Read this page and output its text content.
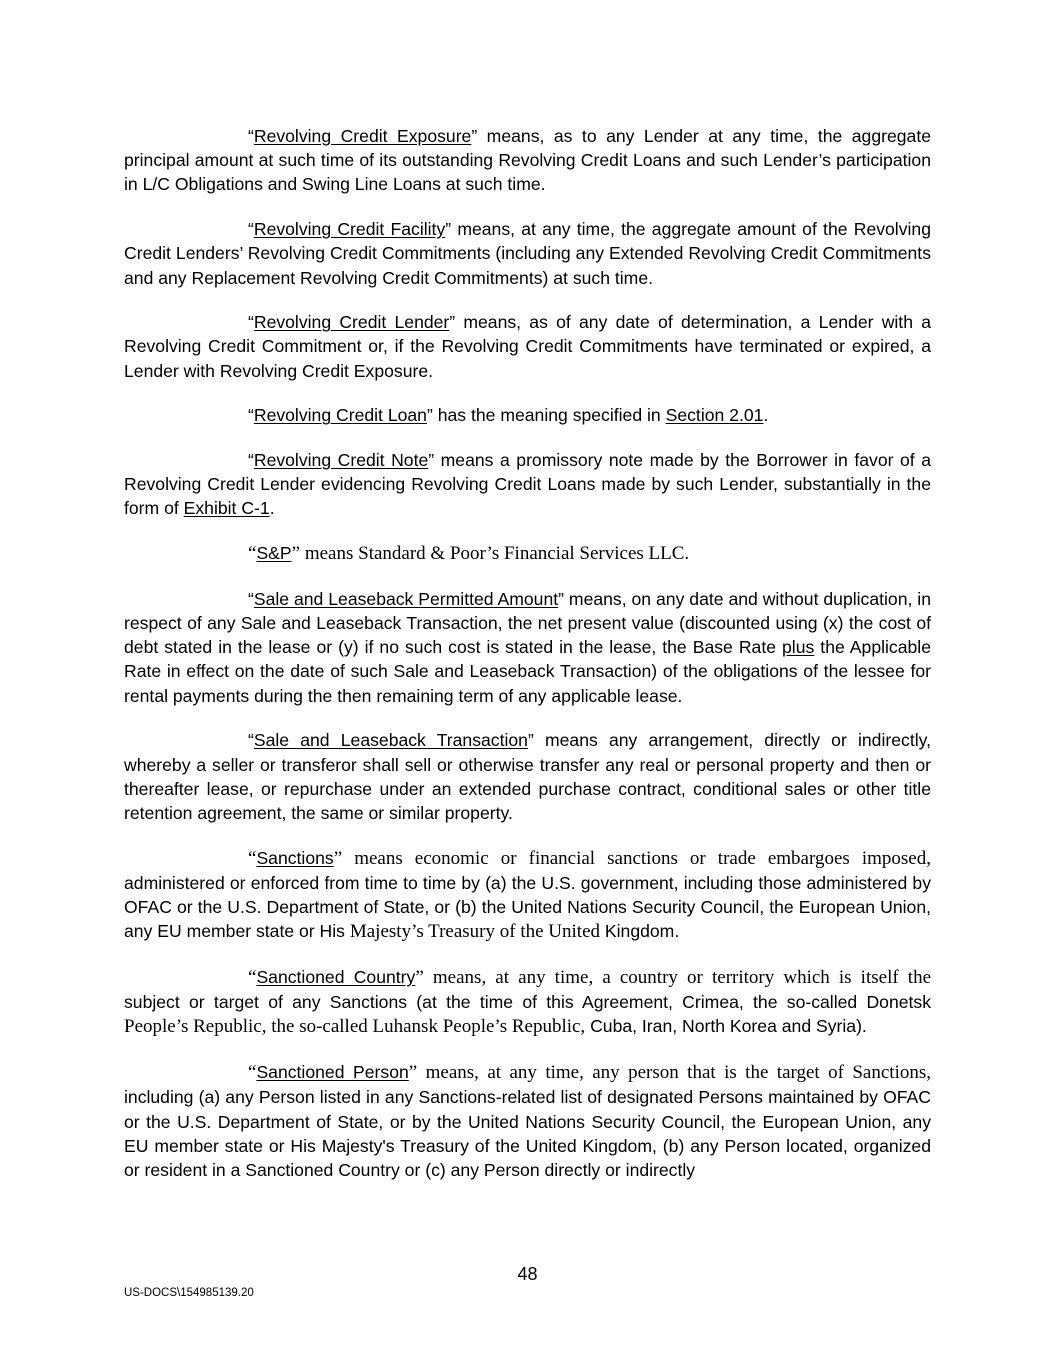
“Revolving Credit Exposure” means, as to any Lender at any time, the aggregate principal amount at such time of its outstanding Revolving Credit Loans and such Lender’s participation in L/C Obligations and Swing Line Loans at such time.

“Revolving Credit Facility” means, at any time, the aggregate amount of the Revolving Credit Lenders’ Revolving Credit Commitments (including any Extended Revolving Credit Commitments and any Replacement Revolving Credit Commitments) at such time.

“Revolving Credit Lender” means, as of any date of determination, a Lender with a Revolving Credit Commitment or, if the Revolving Credit Commitments have terminated or expired, a Lender with Revolving Credit Exposure.

“Revolving Credit Loan” has the meaning specified in Section 2.01.

“Revolving Credit Note” means a promissory note made by the Borrower in favor of a Revolving Credit Lender evidencing Revolving Credit Loans made by such Lender, substantially in the form of Exhibit C-1.

“S&P” means Standard & Poor’s Financial Services LLC.

“Sale and Leaseback Permitted Amount” means, on any date and without duplication, in respect of any Sale and Leaseback Transaction, the net present value (discounted using (x) the cost of debt stated in the lease or (y) if no such cost is stated in the lease, the Base Rate plus the Applicable Rate in effect on the date of such Sale and Leaseback Transaction) of the obligations of the lessee for rental payments during the then remaining term of any applicable lease.

“Sale and Leaseback Transaction” means any arrangement, directly or indirectly, whereby a seller or transferor shall sell or otherwise transfer any real or personal property and then or thereafter lease, or repurchase under an extended purchase contract, conditional sales or other title retention agreement, the same or similar property.

“Sanctions” means economic or financial sanctions or trade embargoes imposed, administered or enforced from time to time by (a) the U.S. government, including those administered by OFAC or the U.S. Department of State, or (b) the United Nations Security Council, the European Union, any EU member state or His Majesty’s Treasury of the United Kingdom.

“Sanctioned Country” means, at any time, a country or territory which is itself the subject or target of any Sanctions (at the time of this Agreement, Crimea, the so-called Donetsk People’s Republic, the so-called Luhansk People’s Republic, Cuba, Iran, North Korea and Syria).

“Sanctioned Person” means, at any time, any person that is the target of Sanctions, including (a) any Person listed in any Sanctions-related list of designated Persons maintained by OFAC or the U.S. Department of State, or by the United Nations Security Council, the European Union, any EU member state or His Majesty's Treasury of the United Kingdom, (b) any Person located, organized or resident in a Sanctioned Country or (c) any Person directly or indirectly

48
US-DOCS\154985139.20
